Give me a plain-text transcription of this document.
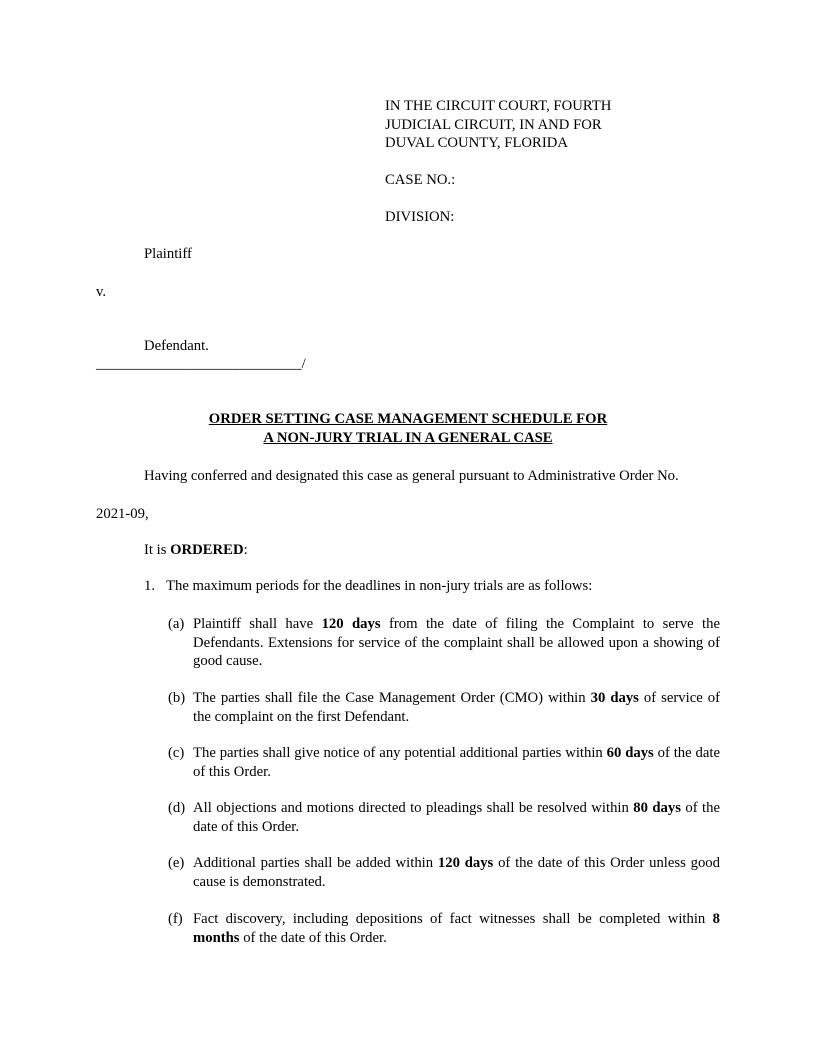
IN THE CIRCUIT COURT, FOURTH
JUDICIAL CIRCUIT, IN AND FOR
DUVAL COUNTY, FLORIDA
CASE NO.:
DIVISION:
Plaintiff
v.
Defendant.
____________________________/
ORDER SETTING CASE MANAGEMENT SCHEDULE FOR
A NON-JURY TRIAL IN A GENERAL CASE
Having conferred and designated this case as general pursuant to Administrative Order No.
2021-09,
It is ORDERED:
1. The maximum periods for the deadlines in non-jury trials are as follows:
(a) Plaintiff shall have 120 days from the date of filing the Complaint to serve the Defendants. Extensions for service of the complaint shall be allowed upon a showing of good cause.
(b) The parties shall file the Case Management Order (CMO) within 30 days of service of the complaint on the first Defendant.
(c) The parties shall give notice of any potential additional parties within 60 days of the date of this Order.
(d) All objections and motions directed to pleadings shall be resolved within 80 days of the date of this Order.
(e) Additional parties shall be added within 120 days of the date of this Order unless good cause is demonstrated.
(f) Fact discovery, including depositions of fact witnesses shall be completed within 8 months of the date of this Order.
